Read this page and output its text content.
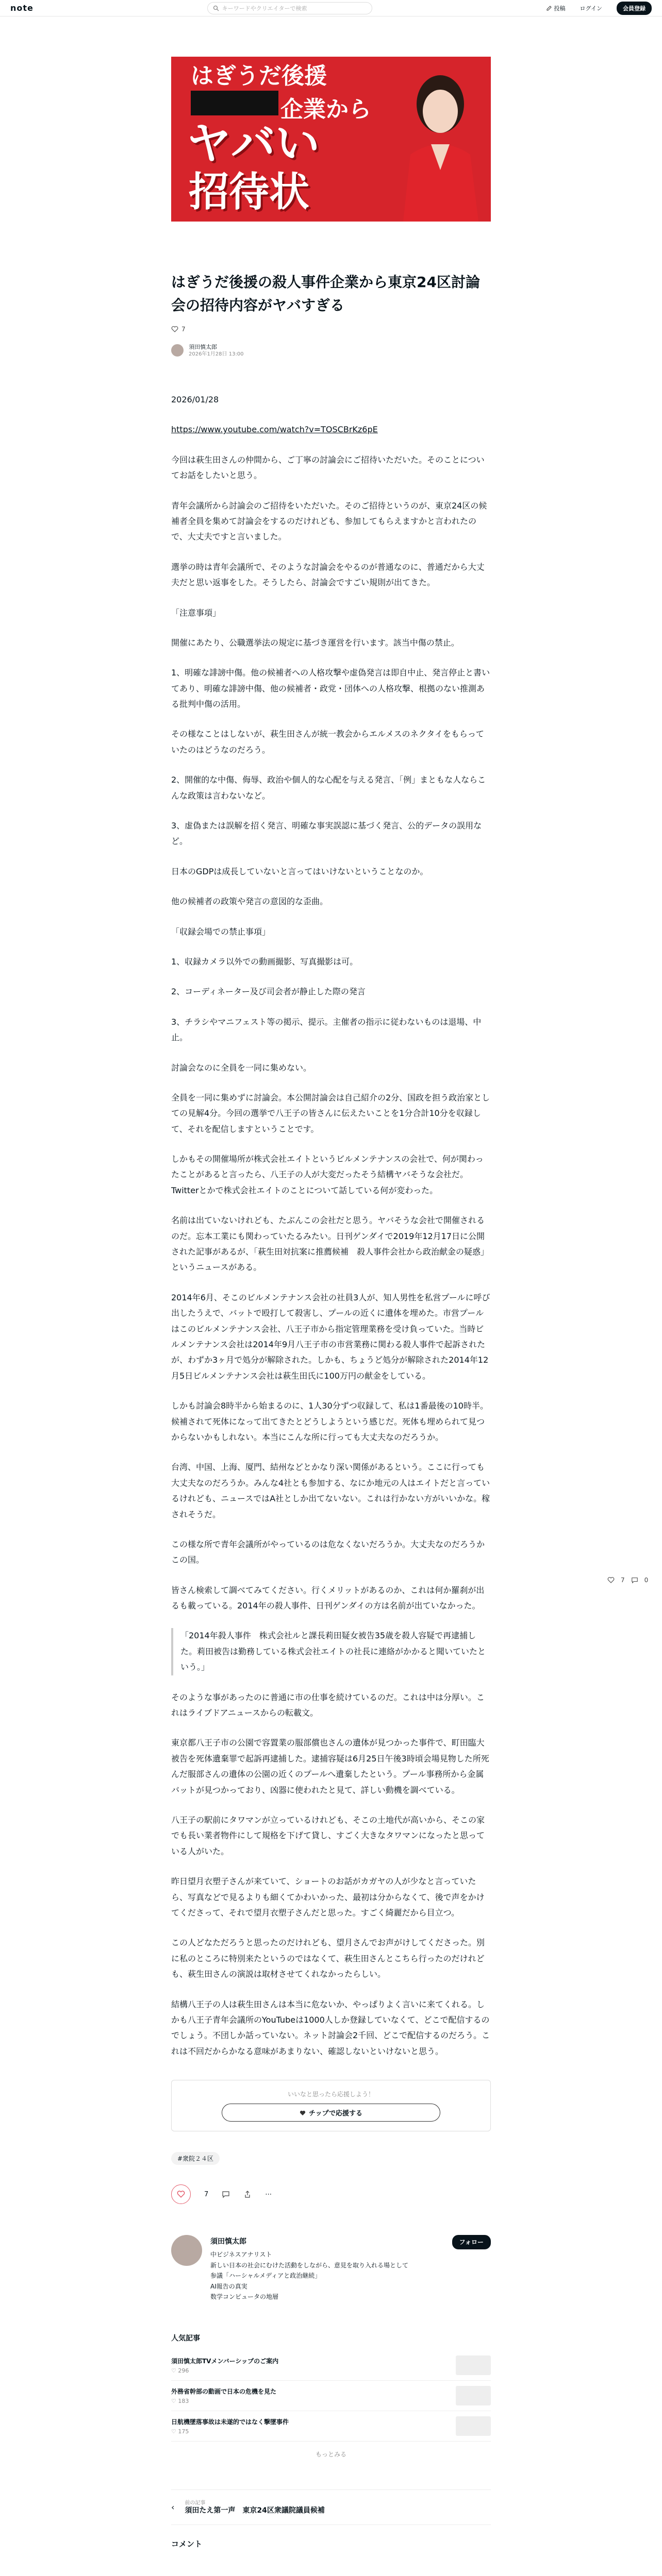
note	キーワードやクリエイターで検索	投稿	ログイン	会員登録
はぎうだ後援
企業から
ヤバい
招待状
はぎうだ後援の殺人事件企業から東京24区討論会の招待内容がヤバすぎる
7
須田慎太郎
2026年1月28日 13:00

2026/01/28

https://www.youtube.com/watch?v=TOSCBrKz6pE

今回は萩生田さんの仲間から、ご丁寧の討論会にご招待いただいた。そのことについてお話をしたいと思う。

青年会議所から討論会のご招待をいただいた。そのご招待というのが、東京24区の候補者全員を集めて討論会をするのだけれども、参加してもらえますかと言われたので、大丈夫ですと言いました。

選挙の時は青年会議所で、そのような討論会をやるのが普通なのに、普通だから大丈夫だと思い返事をした。そうしたら、討論会ですごい規則が出てきた。

「注意事項」

開催にあたり、公職選挙法の規定に基づき運営を行います。該当中傷の禁止。

1、明確な誹謗中傷。他の候補者への人格攻撃や虚偽発言は即自中止、発言停止と書いてあり、明確な誹謗中傷、他の候補者・政党・団体への人格攻撃、根拠のない推測ある批判中傷の活用。

その様なことはしないが、萩生田さんが統一教会からエルメスのネクタイをもらっていたのはどうなのだろう。

2、開催的な中傷、侮辱、政治や個人的な心配を与える発言、「例」まともな人ならこんな政策は言わないなど。

3、虚偽または誤解を招く発言、明確な事実誤認に基づく発言、公的データの誤用など。

日本のGDPは成長していないと言ってはいけないということなのか。

他の候補者の政策や発言の意図的な歪曲。

「収録会場での禁止事項」

1、収録カメラ以外での動画撮影、写真撮影は可。

2、コーディネーター及び司会者が静止した際の発言

3、チラシやマニフェスト等の掲示、提示。主催者の指示に従わないものは退場、中止。

討論会なのに全員を一同に集めない。

全員を一同に集めずに討論会。本公開討論会は自己紹介の2分、国政を担う政治家としての見解4分。今回の選挙で八王子の皆さんに伝えたいことを1分合計10分を収録して、それを配信しますということです。

しかもその開催場所が株式会社エイトというビルメンテナンスの会社で、何が関わったことがあると言ったら、八王子の人が大変だったそう結構ヤバそうな会社だ。Twitterとかで株式会社エイトのことについて話している何が変わった。

名前は出ていないけれども、たぶんこの会社だと思う。ヤバそうな会社で開催されるのだ。忘本工業にも関わっていたるみたい。日刊ゲンダイで2019年12月17日に公開された記事があるが、「萩生田対抗案に推薦候補　殺人事件会社から政治献金の疑惑」というニュースがある。

2014年6月、そこのビルメンテナンス会社の社員3人が、知人男性を私営プールに呼び出したうえで、バットで殴打して殺害し、プールの近くに遺体を埋めた。市営プールはこのビルメンテナンス会社、八王子市から指定管理業務を受け負っていた。当時ビルメンテナンス会社は2014年9月八王子市の市営業務に関わる殺人事件で起訴されたが、わずか3ヶ月で処分が解除された。しかも、ちょうど処分が解除された2014年12月5日ビルメンテナンス会社は萩生田氏に100万円の献金をしている。

しかも討論会8時半から始まるのに、1人30分ずつ収録して、私は1番最後の10時半。候補されて死体になって出てきたとどうしようという感じだ。死体も埋められて見つからないかもしれない。本当にこんな所に行っても大丈夫なのだろうか。

台湾、中国、上海、厦門、結州などとかなり深い関係があるという。ここに行っても大丈夫なのだろうか。みんな4社とも参加する、なにか地元の人はエイトだと言っているけれども、ニュースではA社としか出てないない。これは行かない方がいいかな。稼されそうだ。

この様な所で青年会議所がやっているのは危なくないだろうか。大丈夫なのだろうかこの国。

皆さん検索して調べてみてください。行くメリットがあるのか、これは何か羅刹が出るも載っている。2014年の殺人事件、日刊ゲンダイの方は名前が出ていなかった。

「2014年殺人事件　株式会社ルと課長莉田疑女被告35歳を殺人容疑で再逮捕した。莉田被告は勤務している株式会社エイトの社長に連絡がかかると聞いていたという。」

そのような事があったのに普通に市の仕事を続けているのだ。これは中は分厚い。これはライブドアニュースからの転載文。

東京都八王子市の公園で容置業の服部償也さんの遺体が見つかった事件で、町田臨大被告を死体遺棄罪で起訴再逮捕した。逮捕容疑は6月25日午後3時頃会場見物した所死んだ服部さんの遺体の公園の近くのプールへ遺棄したという。プール事務所から金属バットが見つかっており、凶器に使われたと見て、詳しい動機を調べている。

八王子の駅前にタワマンが立っているけれども、そこの土地代が高いから、そこの家でも長い業者物件にして規格を下げて貸し、すごく大きなタワマンになったと思っている人がいた。

昨日望月衣塑子さんが来ていて、ショートのお話がカガヤの人が少なと言っていたら、写真などで見るよりも細くてかわいかった、最初は分からなくて、後で声をかけてくださって、それで望月衣塑子さんだと思った。すごく綺麗だから目立つ。

この人どなただろうと思ったのだけれども、望月さんでお声がけしてくださった。別に私のところに特別来たというのではなくて、萩生田さんとこちら行ったのだけれども、萩生田さんの演説は取材させてくれなかったらしい。

結構八王子の人は萩生田さんは本当に危ないか、やっぱりよく言いに来てくれる。しかも八王子青年会議所のYouTubeは1000人しか登録していなくて、どこで配信するのでしょう。不団しか話っていない。ネット討論会2千回、どこで配信するのだろう。これは不回だからかなる意味があまりない、確認しないといけないと思う。

いいなと思ったら応援しよう！
チップで応援する
#衆院２４区
7	⋯
須田慎太郎	フォロー
中ビジネスアナリスト
新しい日本の社会にむけた活動をしながら、意見を取り入れる場として
参議「ハーシャルメディアと政治継続」
AI報告の真実
数学コンピュータの地層
人気記事
須田慎太郎TVメンバーシップのご案内
♡ 296
外務省幹部の動画で日本の危機を見た
♡ 183
日航機墜落事故は未遂的ではなく撃墜事件
♡ 175
もっとみる
‹ 前の記事
須田たえ第一声　東京24区衆議院議員候補
コメント
7	0
